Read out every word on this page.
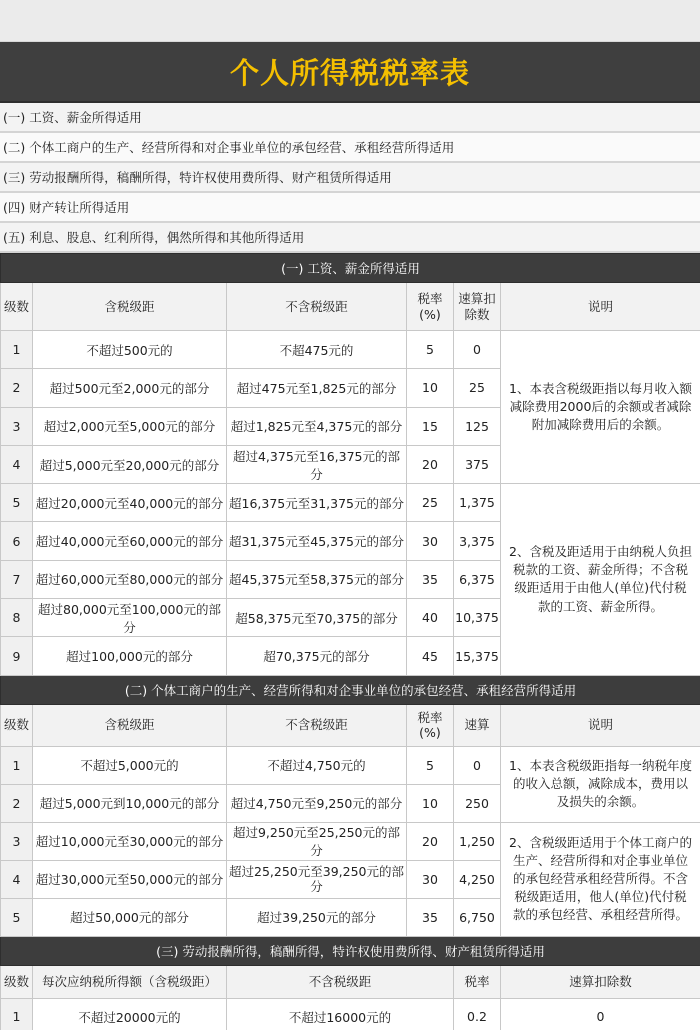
个人所得税税率表
(一) 工资、薪金所得适用
(二) 个体工商户的生产、经营所得和对企事业单位的承包经营、承租经营所得适用
(三) 劳动报酬所得，稿酬所得，特许权使用费所得、财产租赁所得适用
(四) 财产转让所得适用
(五) 利息、股息、红利所得，偶然所得和其他所得适用
(一) 工资、薪金所得适用					
级数	含税级距	不含税级距	税率(%)	速算扣除数	说明
1	不超过500元的	不超475元的	5	0	1、本表含税级距指以每月收入额减除费用2000后的余额或者减除附加减除费用后的余额。
2	超过500元至2,000元的部分	超过475元至1,825元的部分	10	25	
3	超过2,000元至5,000元的部分	超过1,825元至4,375元的部分	15	125	
4	超过5,000元至20,000元的部分	超过4,375元至16,375元的部分	20	375	
5	超过20,000元至40,000元的部分	超16,375元至31,375元的部分	25	1,375	2、含税及距适用于由纳税人负担税款的工资、薪金所得；不含税级距适用于由他人(单位)代付税款的工资、薪金所得。
6	超过40,000元至60,000元的部分	超31,375元至45,375元的部分	30	3,375	
7	超过60,000元至80,000元的部分	超45,375元至58,375元的部分	35	6,375	
8	超过80,000元至100,000元的部分	超58,375元至70,375的部分	40	10,375	
9	超过100,000元的部分	超70,375元的部分	45	15,375	
(二) 个体工商户的生产、经营所得和对企事业单位的承包经营、承租经营所得适用					
级数	含税级距	不含税级距	税率(%)	速算	说明
1	不超过5,000元的	不超过4,750元的	5	0	1、本表含税级距指每一纳税年度的收入总额，减除成本，费用以及损失的余额。
2	超过5,000元到10,000元的部分	超过4,750元至9,250元的部分	10	250	
3	超过10,000元至30,000元的部分	超过9,250元至25,250元的部分	20	1,250	2、含税级距适用于个体工商户的生产、经营所得和对企事业单位的承包经营承租经营所得。不含税级距适用，他人(单位)代付税款的承包经营、承租经营所得。
4	超过30,000元至50,000元的部分	超过25,250元至39,250元的部分	30	4,250	
5	超过50,000元的部分	超过39,250元的部分	35	6,750	
(三) 劳动报酬所得，稿酬所得，特许权使用费所得、财产租赁所得适用					
级数	每次应纳税所得额（含税级距）	不含税级距		税率	速算扣除数
1	不超过20000元的	不超过16000元的		0.2	0
